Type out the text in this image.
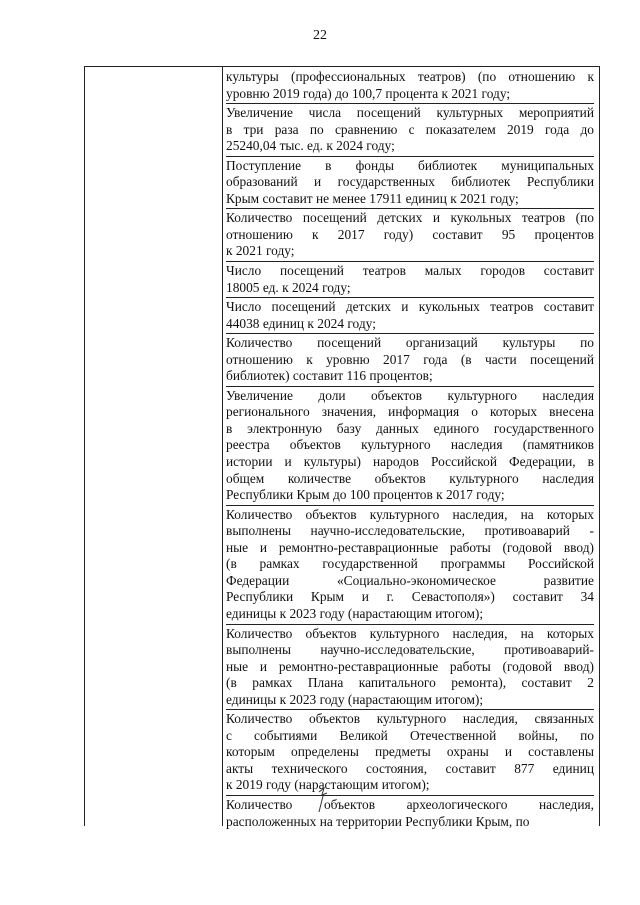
22
культуры (профессиональных театров) (по отношению к
уровню 2019 года) до 100,7 процента к 2021 году;
Увеличение числа посещений культурных мероприятий
в три раза по сравнению с показателем 2019 года до
25240,04 тыс. ед. к 2024 году;
Поступление в фонды библиотек муниципальных
образований и государственных библиотек Республики
Крым составит не менее 17911 единиц к 2021 году;
Количество посещений детских и кукольных театров (по
отношению к 2017 году) составит 95 процентов
к 2021 году;
Число посещений театров малых городов составит
18005 ед. к 2024 году;
Число посещений детских и кукольных театров составит
44038 единиц к 2024 году;
Количество посещений организаций культуры по
отношению к уровню 2017 года (в части посещений
библиотек) составит 116 процентов;
Увеличение доли объектов культурного наследия
регионального значения, информация о которых внесена
в электронную базу данных единого государственного
реестра объектов культурного наследия (памятников
истории и культуры) народов Российской Федерации, в
общем количестве объектов культурного наследия
Республики Крым до 100 процентов к 2017 году;
Количество объектов культурного наследия, на которых
выполнены научно-исследовательские, противоаварий -
ные и ремонтно-реставрационные работы (годовой ввод)
(в рамках государственной программы Российской
Федерации «Социально-экономическое развитие
Республики Крым и г. Севастополя») составит 34
единицы к 2023 году (нарастающим итогом);
Количество объектов культурного наследия, на которых
выполнены научно-исследовательские, противоаварий-
ные и ремонтно-реставрационные работы (годовой ввод)
(в рамках Плана капитального ремонта), составит 2
единицы к 2023 году (нарастающим итогом);
Количество объектов культурного наследия, связанных
с событиями Великой Отечественной войны, по
которым определены предметы охраны и составлены
акты технического состояния, составит 877 единиц
к 2019 году (нарастающим итогом);
Количество объектов археологического наследия,
расположенных на территории Республики Крым, по
